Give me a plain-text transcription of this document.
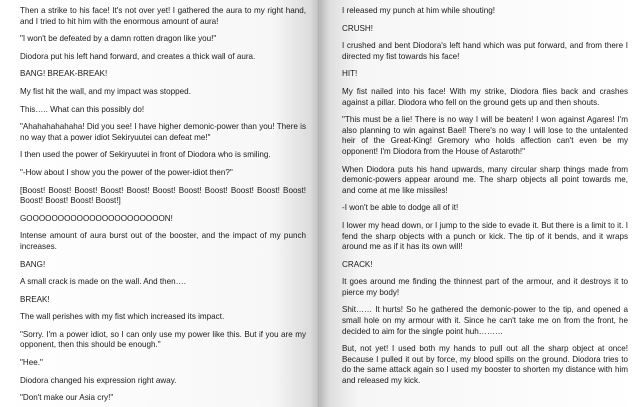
Then a strike to his face! It's not over yet! I gathered the aura to my right hand, and I tried to hit him with the enormous amount of aura!

"I won't be defeated by a damn rotten dragon like you!"

Diodora put his left hand forward, and creates a thick wall of aura.

BANG! BREAK-BREAK!

My fist hit the wall, and my impact was stopped.

This….. What can this possibly do!

"Ahahahahahaha! Did you see! I have higher demonic-power than you! There is no way that a power idiot Sekiryuutei can defeat me!"

I then used the power of Sekiryuutei in front of Diodora who is smiling.

"-How about I show you the power of the power-idiot then?"

[Boost! Boost! Boost! Boost! Boost! Boost! Boost! Boost! Boost! Boost! Boost! Boost! Boost! Boost! Boost!]

GOOOOOOOOOOOOOOOOOOOOOON!

Intense amount of aura burst out of the booster, and the impact of my punch increases.

BANG!

A small crack is made on the wall. And then….

BREAK!

The wall perishes with my fist which increased its impact.

"Sorry. I'm a power idiot, so I can only use my power like this. But if you are my opponent, then this should be enough."

"Hee."

Diodora changed his expression right away.

"Don't make our Asia cry!"

I released my punch at him while shouting!

CRUSH!

I crushed and bent Diodora's left hand which was put forward, and from there I directed my fist towards his face!

HIT!

My fist nailed into his face! With my strike, Diodora flies back and crashes against a pillar. Diodora who fell on the ground gets up and then shouts.

"This must be a lie! There is no way I will be beaten! I won against Agares! I'm also planning to win against Bael! There's no way I will lose to the untalented heir of the Great-King! Gremory who holds affection can't even be my opponent! I'm Diodora from the House of Astaroth!"

When Diodora puts his hand upwards, many circular sharp things made from demonic-powers appear around me. The sharp objects all point towards me, and come at me like missiles!

-I won't be able to dodge all of it!

I lower my head down, or I jump to the side to evade it. But there is a limit to it. I fend the sharp objects with a punch or kick. The tip of it bends, and it wraps around me as if it has its own will!

CRACK!

It goes around me finding the thinnest part of the armour, and it destroys it to pierce my body!

Shit…… It hurts! So he gathered the demonic-power to the tip, and opened a small hole on my armour with it. Since he can't take me on from the front, he decided to aim for the single point huh………

But, not yet! I used both my hands to pull out all the sharp object at once! Because I pulled it out by force, my blood spills on the ground. Diodora tries to do the same attack again so I used my booster to shorten my distance with him and released my kick.
